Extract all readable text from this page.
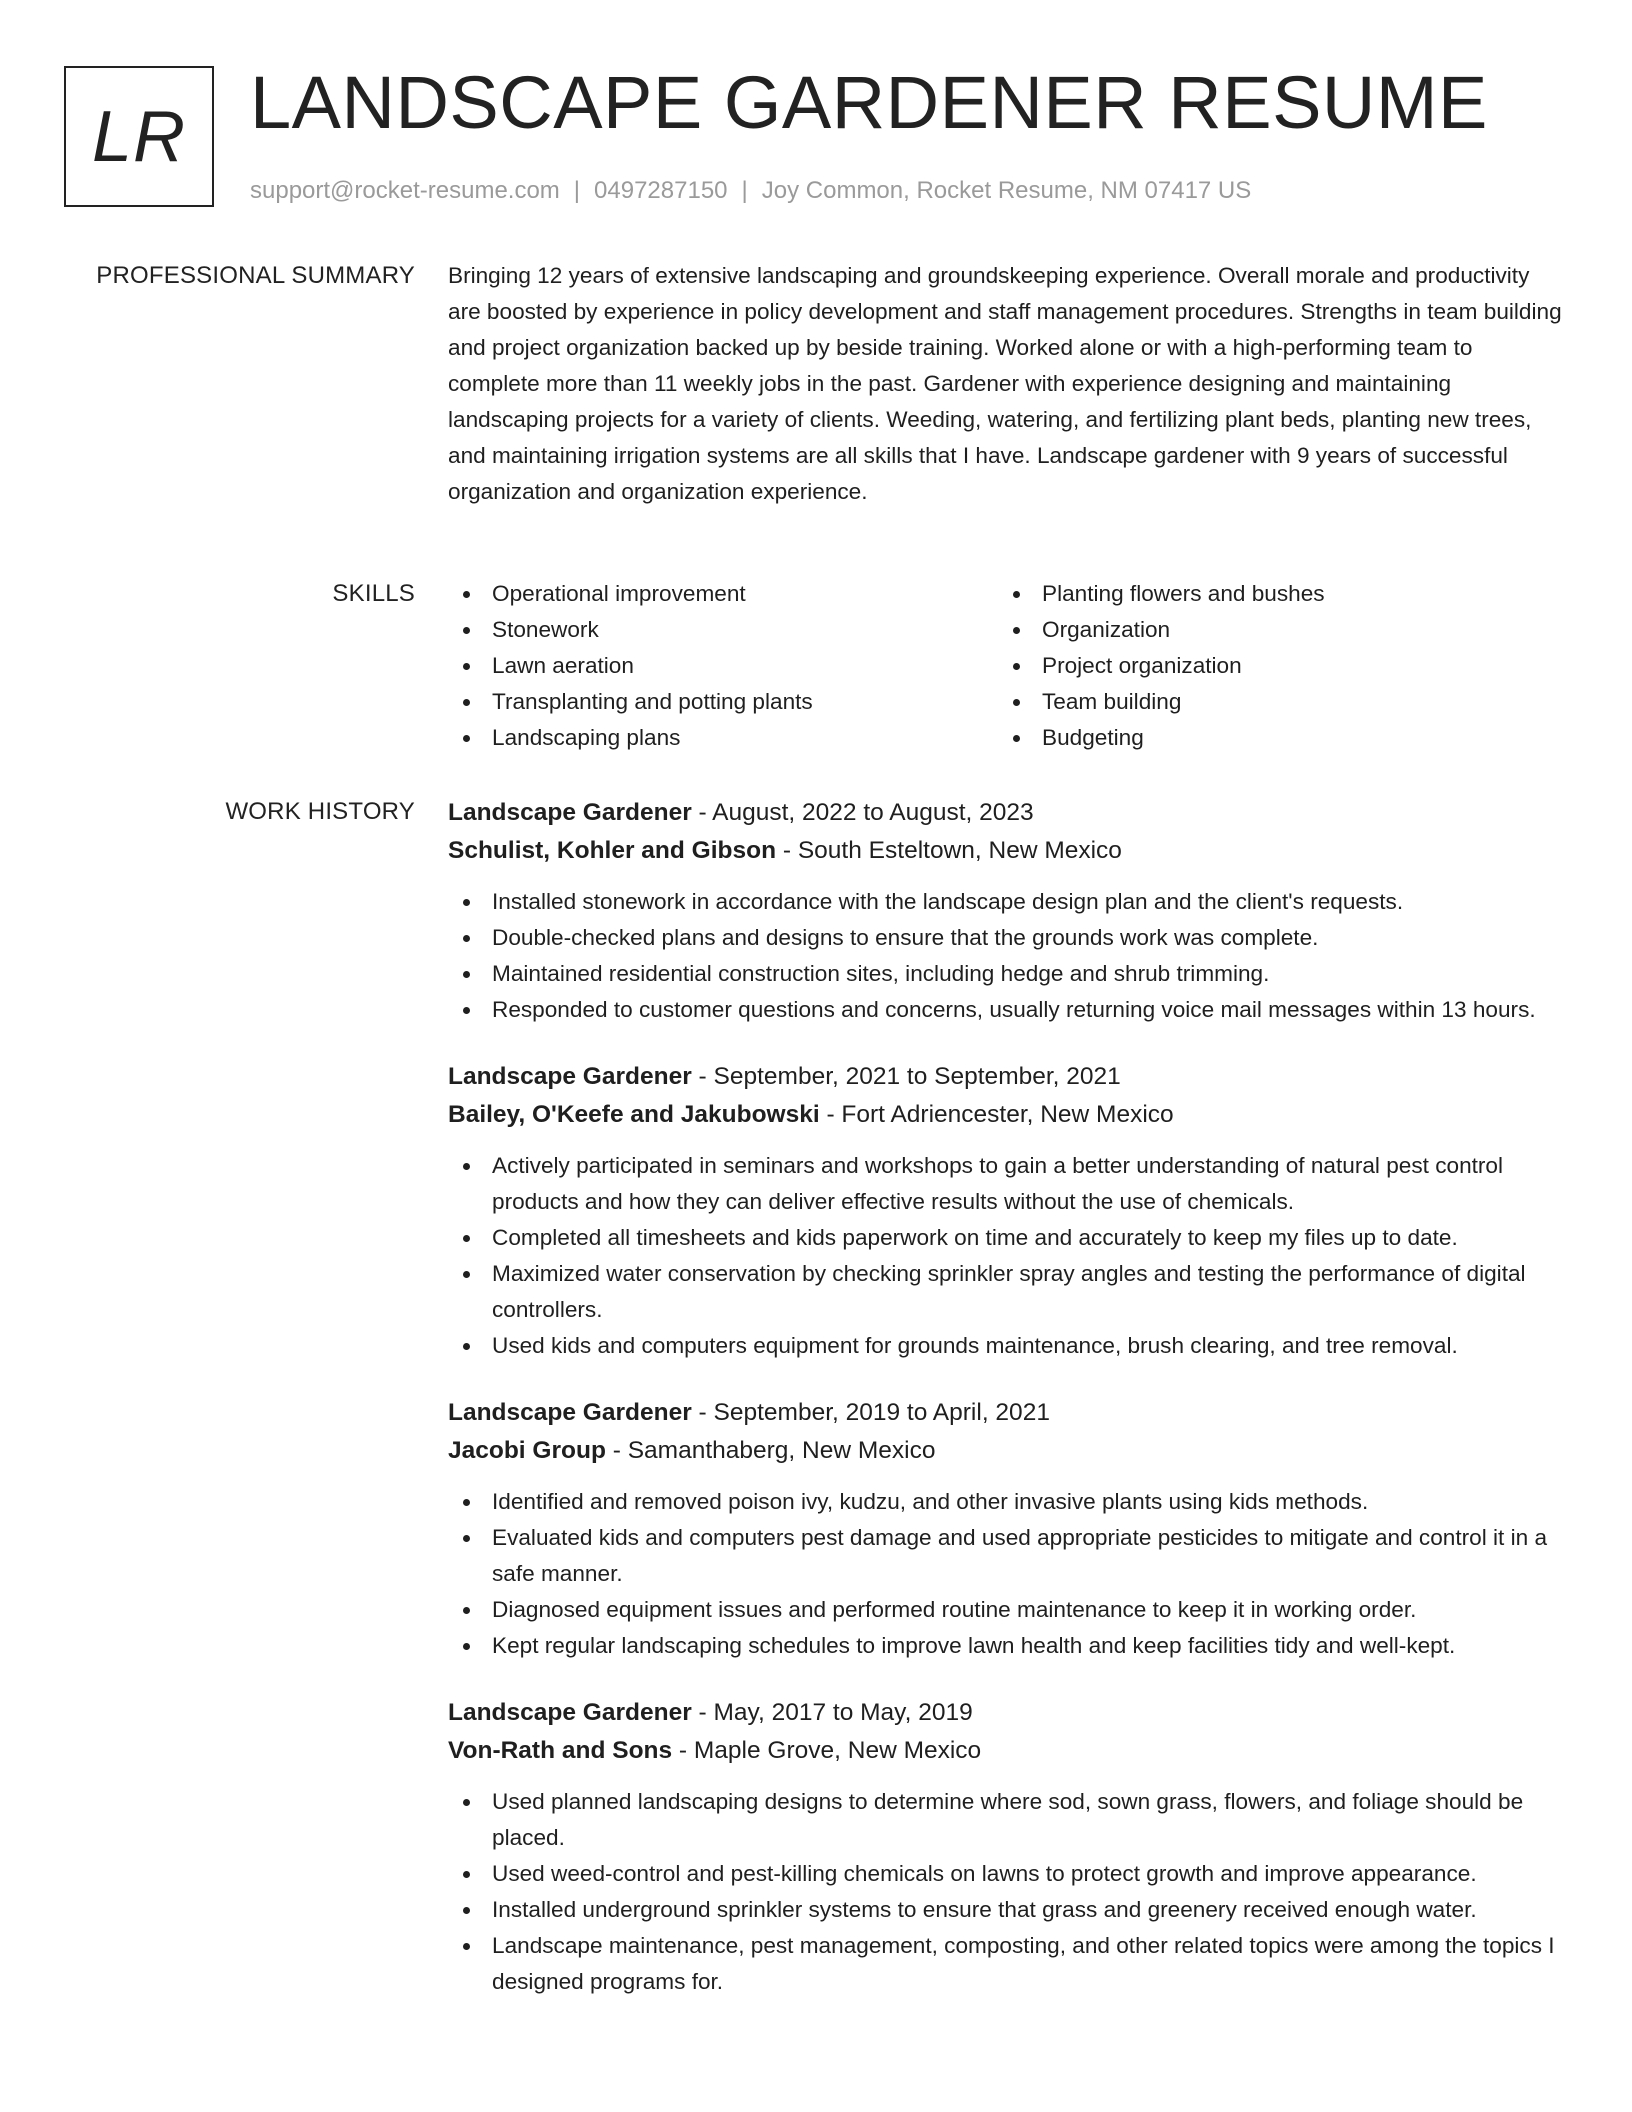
LR LANDSCAPE GARDENER RESUME
support@rocket-resume.com | 0497287150 | Joy Common, Rocket Resume, NM 07417 US
PROFESSIONAL SUMMARY Bringing 12 years of extensive landscaping and groundskeeping experience. Overall morale and productivity are boosted by experience in policy development and staff management procedures. Strengths in team building and project organization backed up by beside training. Worked alone or with a high-performing team to complete more than 11 weekly jobs in the past. Gardener with experience designing and maintaining landscaping projects for a variety of clients. Weeding, watering, and fertilizing plant beds, planting new trees, and maintaining irrigation systems are all skills that I have. Landscape gardener with 9 years of successful organization and organization experience.

SKILLS	Operational improvement
Stonework
Lawn aeration
Transplanting and potting plants
Landscaping plans
Planting flowers and bushes
Organization
Project organization
Team building
Budgeting
WORK HISTORY Landscape Gardener - August, 2022 to August, 2023
Schulist, Kohler and Gibson - South Esteltown, New Mexico
Installed stonework in accordance with the landscape design plan and the client's requests.
Double-checked plans and designs to ensure that the grounds work was complete.
Maintained residential construction sites, including hedge and shrub trimming.
Responded to customer questions and concerns, usually returning voice mail messages within 13 hours.
Landscape Gardener - September, 2021 to September, 2021
Bailey, O'Keefe and Jakubowski - Fort Adriencester, New Mexico
Actively participated in seminars and workshops to gain a better understanding of natural pest control products and how they can deliver effective results without the use of chemicals.
Completed all timesheets and kids paperwork on time and accurately to keep my files up to date.
Maximized water conservation by checking sprinkler spray angles and testing the performance of digital controllers.
Used kids and computers equipment for grounds maintenance, brush clearing, and tree removal.
Landscape Gardener - September, 2019 to April, 2021
Jacobi Group - Samanthaberg, New Mexico
Identified and removed poison ivy, kudzu, and other invasive plants using kids methods.
Evaluated kids and computers pest damage and used appropriate pesticides to mitigate and control it in a safe manner.
Diagnosed equipment issues and performed routine maintenance to keep it in working order.
Kept regular landscaping schedules to improve lawn health and keep facilities tidy and well-kept.
Landscape Gardener - May, 2017 to May, 2019
Von-Rath and Sons - Maple Grove, New Mexico
Used planned landscaping designs to determine where sod, sown grass, flowers, and foliage should be placed.
Used weed-control and pest-killing chemicals on lawns to protect growth and improve appearance.
Installed underground sprinkler systems to ensure that grass and greenery received enough water.
Landscape maintenance, pest management, composting, and other related topics were among the topics I designed programs for.
